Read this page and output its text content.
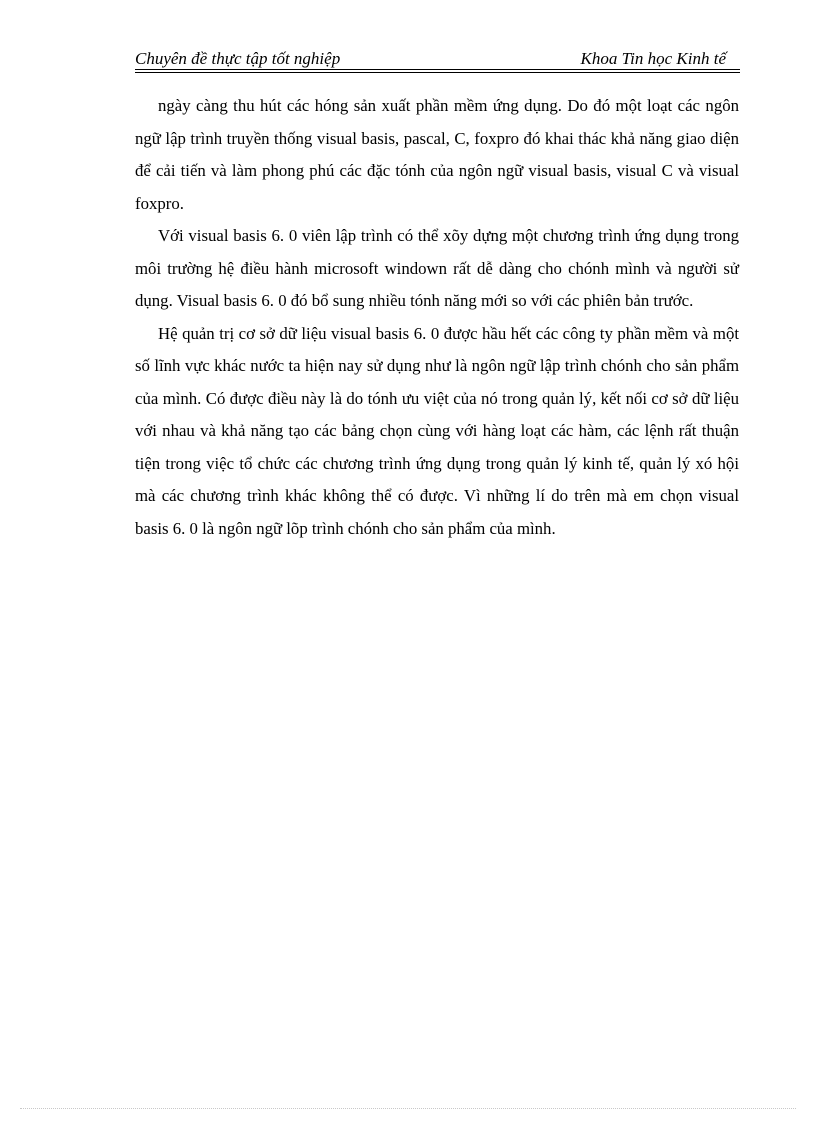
Chuyên đề thực tập tốt nghiệp	Khoa Tin học Kinh tế

ngày càng thu hút các hóng sản xuất phần mềm ứng dụng. Do đó một loạt các ngôn ngữ lập trình truyền thống visual basis, pascal, C, foxpro đó khai thác khả năng giao diện để cải tiến và làm phong phú các đặc tónh của ngôn ngữ visual basis, visual C và visual foxpro.

Với visual basis 6. 0 viên lập trình có thể xõy dựng một chương trình ứng dụng trong môi trường hệ điều hành microsoft windown rất dễ dàng cho chónh mình và người sử dụng. Visual basis 6. 0 đó bổ sung nhiều tónh năng mới so với các phiên bản trước.

Hệ quản trị cơ sở dữ liệu visual basis 6. 0 được hầu hết các công ty phần mềm và một số lĩnh vực khác nước ta hiện nay sử dụng như là ngôn ngữ lập trình chónh cho sản phẩm của mình. Có được điều này là do tónh ưu việt của nó trong quản lý, kết nối cơ sở dữ liệu với nhau và khả năng tạo các bảng chọn cùng với hàng loạt các hàm, các lệnh rất thuận tiện trong việc tổ chức các chương trình ứng dụng trong quản lý kinh tế, quản lý xó hội mà các chương trình khác không thể có được. Vì những lí do trên mà em chọn visual basis 6. 0 là ngôn ngữ lõp trình chónh cho sản phẩm của mình.
